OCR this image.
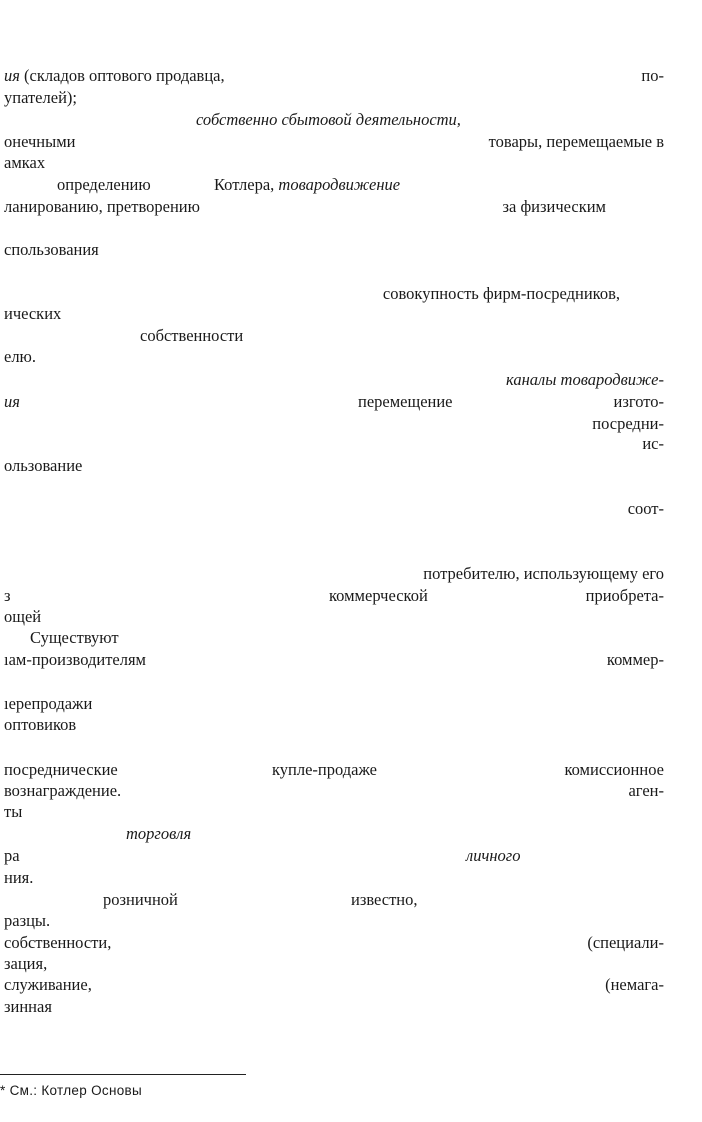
ия (складов оптового продавца,	по-
упателей);
собственно сбытовой деятельности,
онечными	товары, перемещаемые в
амках
определению	Котлера, товародвижение
ланированию, претворению	за физическим
спользования
совокупность фирм-посредников,
ических
собственности
елю.
каналы товародвиже-
ия	перемещение	изгото-
посредни-
ис-
ользование
соот-
потребителю, использующему его
з	коммерческой	приобрета-
ощей
Существуют
ıам-производителям	коммер-
ıерепродажи
оптовиков
посреднические	купле-продаже	комиссионное
вознаграждение.	аген-
ты
торговля
ра	личного
ния.
розничной	известно,
разцы.
собственности,	(специали-
зация,
служивание,	(немага-
зинная
* См.: Котлер Основы
